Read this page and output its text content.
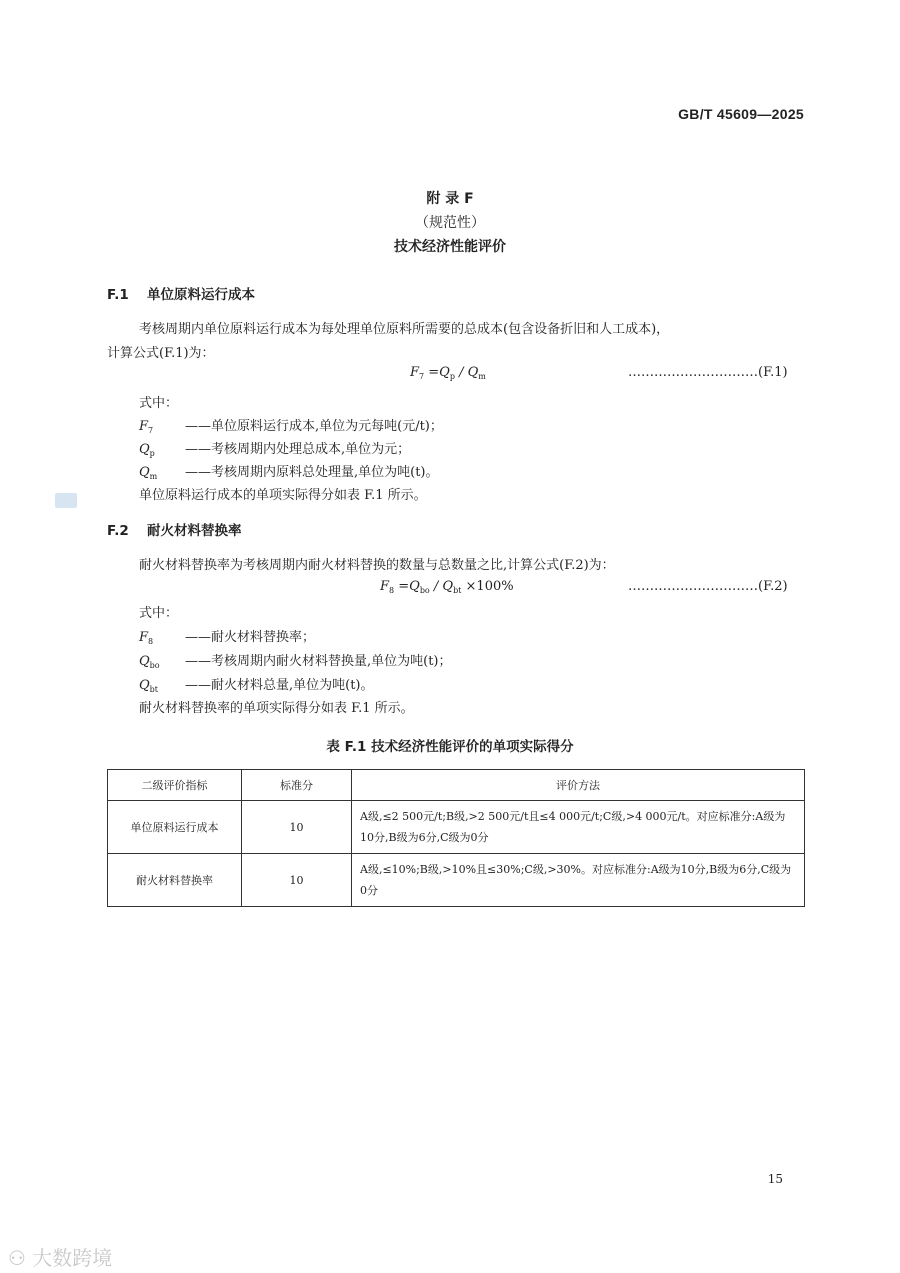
GB/T 45609—2025
附 录 F
（规范性）
技术经济性能评价
F.1 单位原料运行成本
考核周期内单位原料运行成本为每处理单位原料所需要的总成本(包含设备折旧和人工成本)，
计算公式(F.1)为：
$F_7 =Q_p / Q_m$	…………………………(F.1)
式中：
$F_7$ ——单位原料运行成本,单位为元每吨(元/t)；
$Q_p$ ——考核周期内处理总成本,单位为元；
$Q_m$ ——考核周期内原料总处理量,单位为吨(t)。
单位原料运行成本的单项实际得分如表 F.1 所示。
F.2 耐火材料替换率
耐火材料替换率为考核周期内耐火材料替换的数量与总数量之比,计算公式(F.2)为：
$F_8 =Q_{bo} / Q_{bt} \times 100\%$	…………………………(F.2)
式中：
$F_8$ ——耐火材料替换率；
$Q_{bo}$ ——考核周期内耐火材料替换量,单位为吨(t)；
$Q_{bt}$ ——耐火材料总量,单位为吨(t)。
耐火材料替换率的单项实际得分如表 F.1 所示。
表 F.1 技术经济性能评价的单项实际得分
二级评价指标	标准分	评价方法
单位原料运行成本	10	A级,≤2 500元/t;B级,>2 500元/t且≤4 000元/t;C级,>4 000元/t。对应标准分:A级为10分,B级为6分,C级为0分
耐火材料替换率	10	A级,≤10%;B级,>10%且≤30%;C级,>30%。对应标准分:A级为10分,B级为6分,C级为0分
15
⚇ 大数跨境
